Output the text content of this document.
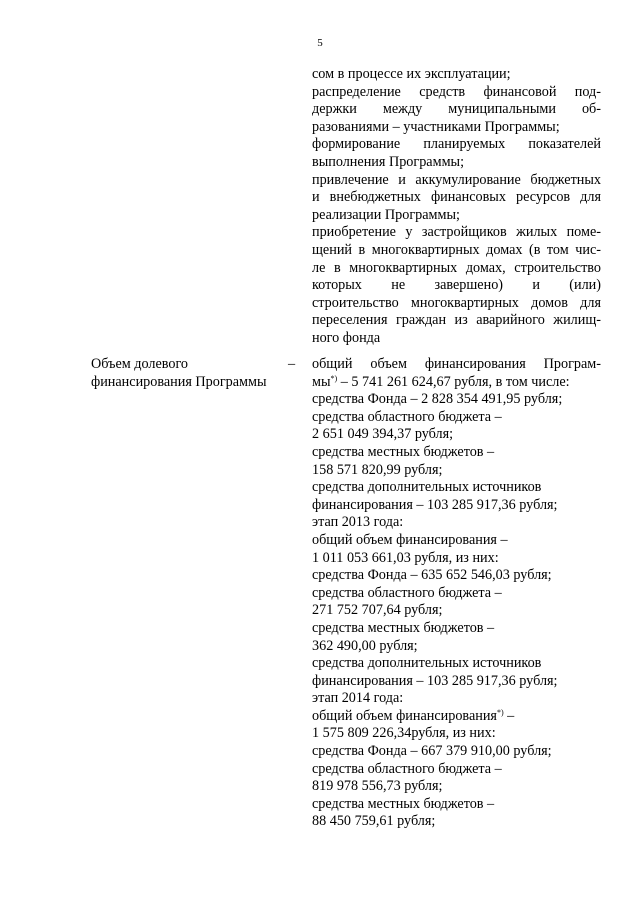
5
сом в процессе их эксплуатации;
распределение средств финансовой под-
держки между муниципальными об-
разованиями – участниками Программы;
формирование планируемых показателей
выполнения Программы;
привлечение и аккумулирование бюджетных
и внебюджетных финансовых ресурсов для
реализации Программы;
приобретение у застройщиков жилых поме-
щений в многоквартирных домах (в том чис-
ле в многоквартирных домах, строительство
которых не завершено) и (или)
строительство многоквартирных домов для
переселения граждан из аварийного жилищ-
ного фонда
Объем долевого
финансирования Программы
– общий объем финансирования Програм-
мы*) – 5 741 261 624,67 рубля, в том числе:
средства Фонда – 2 828 354 491,95 рубля;
средства областного бюджета –
2 651 049 394,37 рубля;
средства местных бюджетов –
158 571 820,99 рубля;
средства дополнительных источников
финансирования – 103 285 917,36 рубля;
этап 2013 года:
общий объем финансирования –
1 011 053 661,03 рубля, из них:
средства Фонда – 635 652 546,03 рубля;
средства областного бюджета –
271 752 707,64 рубля;
средства местных бюджетов –
362 490,00 рубля;
средства дополнительных источников
финансирования – 103 285 917,36 рубля;
этап 2014 года:
общий объем финансирования*) –
1 575 809 226,34рубля, из них:
средства Фонда – 667 379 910,00 рубля;
средства областного бюджета –
819 978 556,73 рубля;
средства местных бюджетов –
88 450 759,61 рубля;
